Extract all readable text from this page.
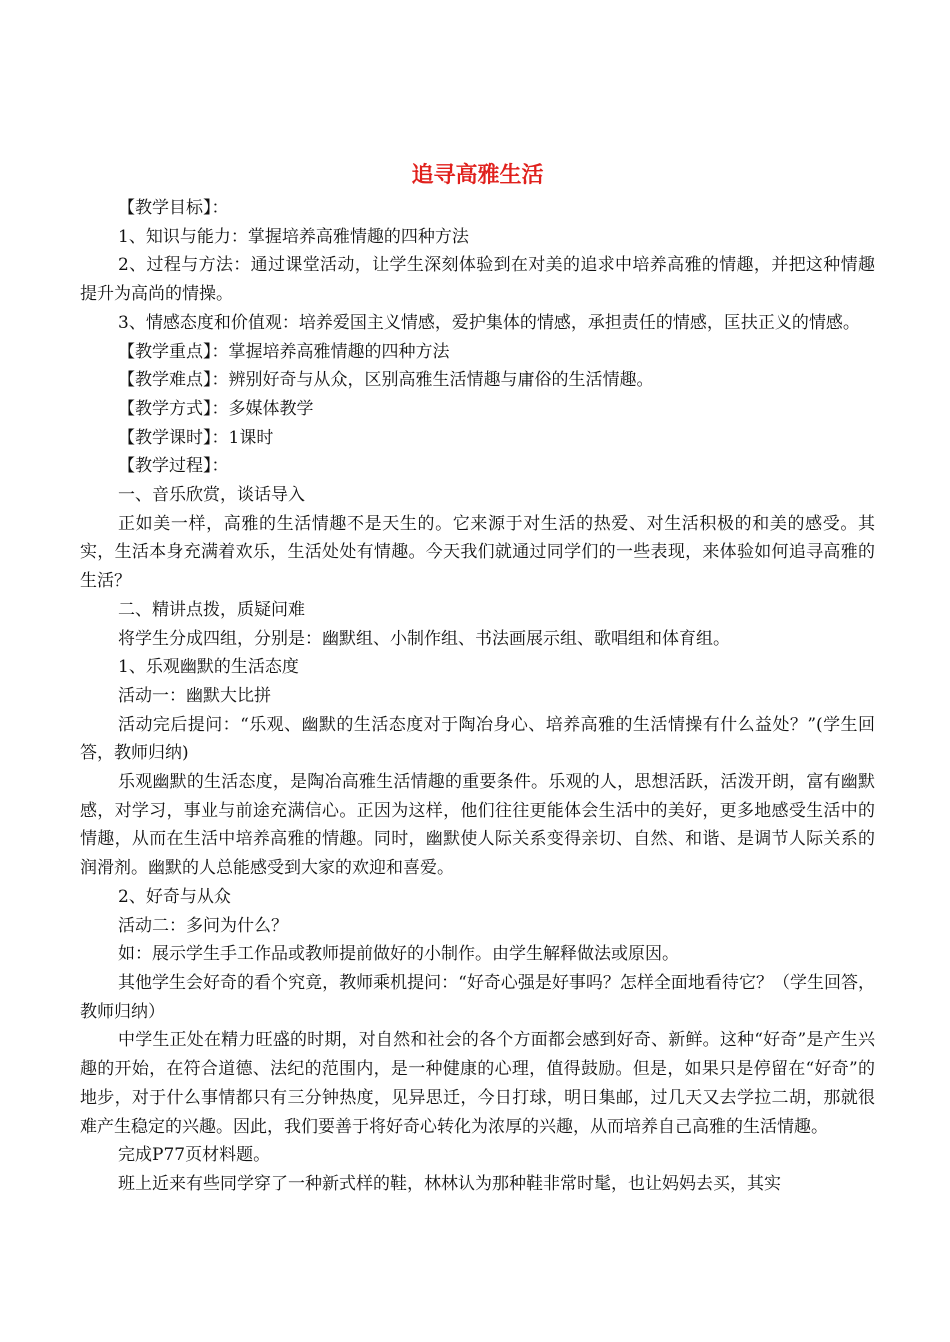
追寻高雅生活

【教学目标】：

1、知识与能力：掌握培养高雅情趣的四种方法

2、过程与方法：通过课堂活动，让学生深刻体验到在对美的追求中培养高雅的情趣，并把这种情趣提升为高尚的情操。

3、情感态度和价值观：培养爱国主义情感，爱护集体的情感，承担责任的情感，匡扶正义的情感。

【教学重点】：掌握培养高雅情趣的四种方法

【教学难点】：辨别好奇与从众，区别高雅生活情趣与庸俗的生活情趣。

【教学方式】：多媒体教学

【教学课时】：1课时

【教学过程】：

一、音乐欣赏，谈话导入

正如美一样，高雅的生活情趣不是天生的。它来源于对生活的热爱、对生活积极的和美的感受。其实，生活本身充满着欢乐，生活处处有情趣。今天我们就通过同学们的一些表现，来体验如何追寻高雅的生活？

二、精讲点拨，质疑问难

将学生分成四组，分别是：幽默组、小制作组、书法画展示组、歌唱组和体育组。

1、乐观幽默的生活态度

活动一：幽默大比拼

活动完后提问：“乐观、幽默的生活态度对于陶冶身心、培养高雅的生活情操有什么益处？”(学生回答，教师归纳)

乐观幽默的生活态度，是陶冶高雅生活情趣的重要条件。乐观的人，思想活跃，活泼开朗，富有幽默感，对学习，事业与前途充满信心。正因为这样，他们往往更能体会生活中的美好，更多地感受生活中的情趣，从而在生活中培养高雅的情趣。同时，幽默使人际关系变得亲切、自然、和谐、是调节人际关系的润滑剂。幽默的人总能感受到大家的欢迎和喜爱。

2、好奇与从众

活动二：多问为什么？

如：展示学生手工作品或教师提前做好的小制作。由学生解释做法或原因。

其他学生会好奇的看个究竟，教师乘机提问：“好奇心强是好事吗？怎样全面地看待它？（学生回答，教师归纳）

中学生正处在精力旺盛的时期，对自然和社会的各个方面都会感到好奇、新鲜。这种“好奇”是产生兴趣的开始，在符合道德、法纪的范围内，是一种健康的心理，值得鼓励。但是，如果只是停留在“好奇”的地步，对于什么事情都只有三分钟热度，见异思迁，今日打球，明日集邮，过几天又去学拉二胡，那就很难产生稳定的兴趣。因此，我们要善于将好奇心转化为浓厚的兴趣，从而培养自己高雅的生活情趣。

完成P77页材料题。

班上近来有些同学穿了一种新式样的鞋，林林认为那种鞋非常时髦，也让妈妈去买，其实
